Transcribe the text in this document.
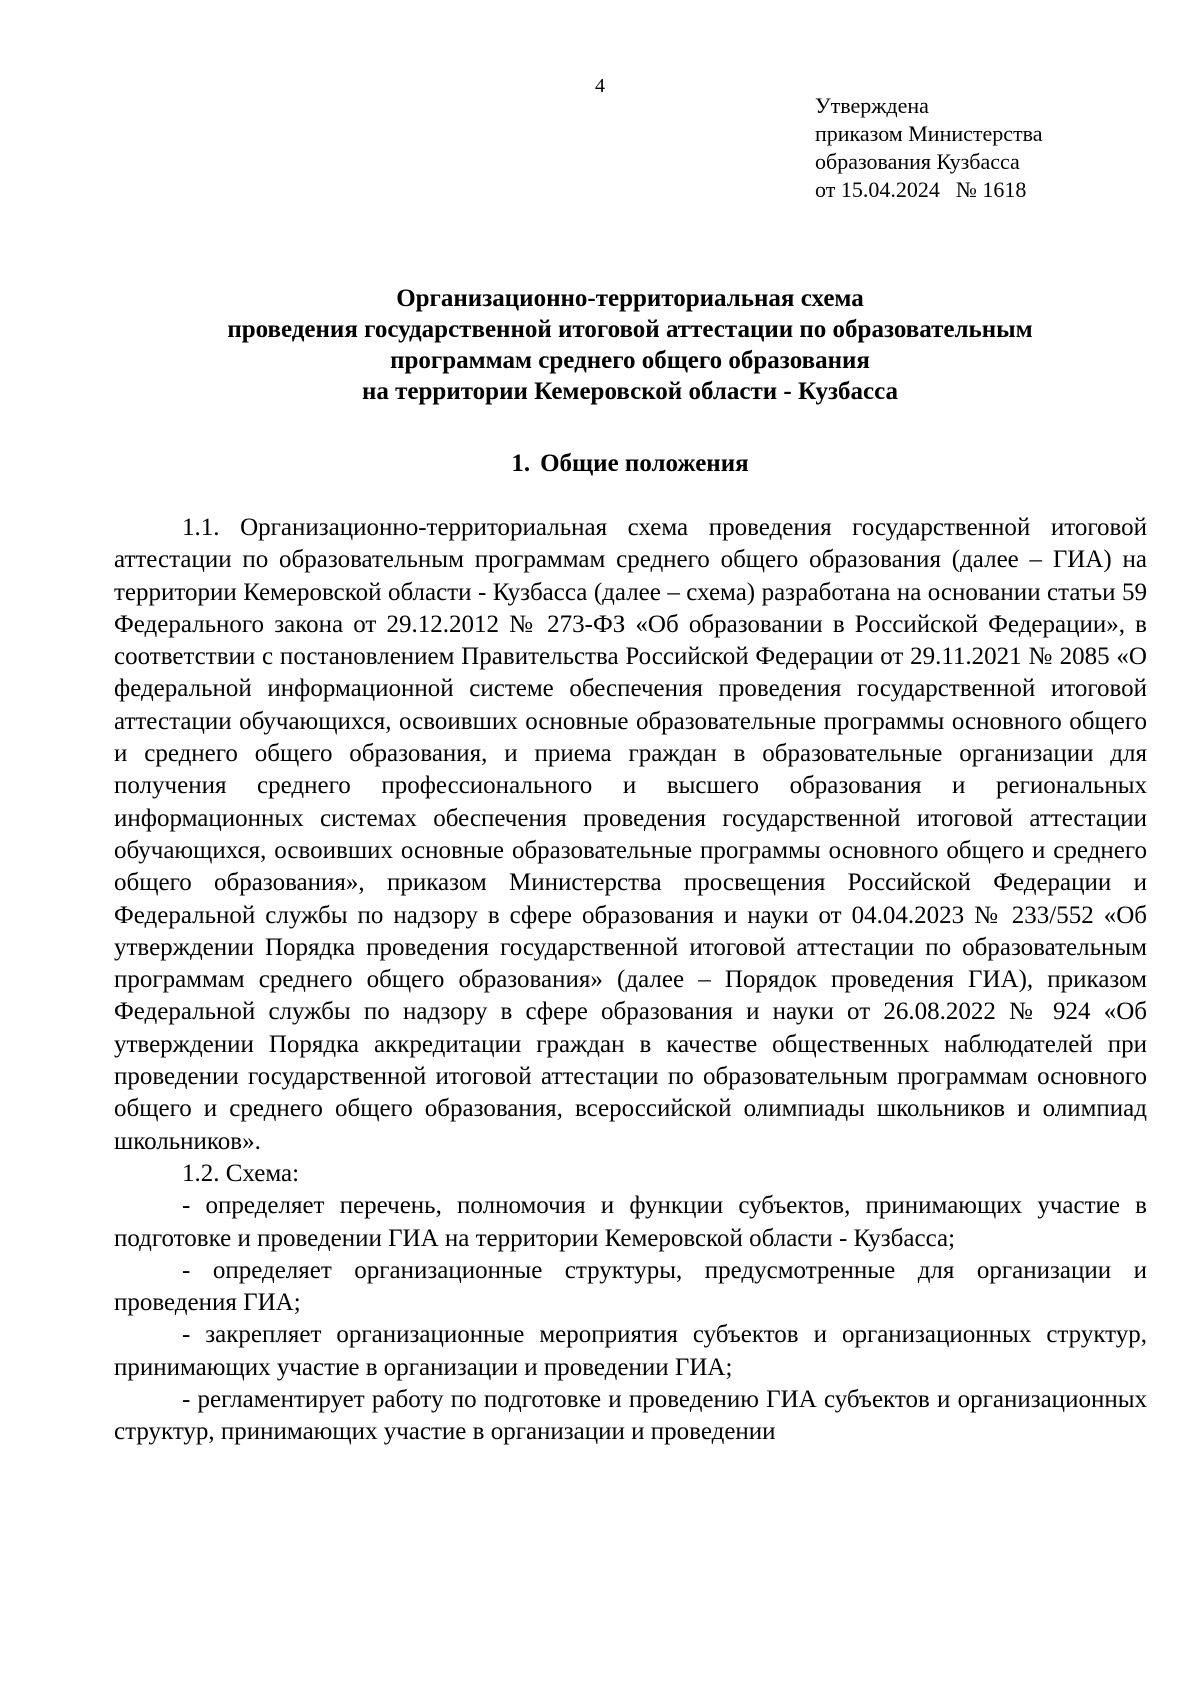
4
Утверждена
приказом Министерства
образования Кузбасса
от 15.04.2024 № 1618
Организационно-территориальная схема
проведения государственной итоговой аттестации по образовательным
программам среднего общего образования
на территории Кемеровской области - Кузбасса
1. Общие положения

1.1. Организационно-территориальная схема проведения государственной итоговой аттестации по образовательным программам среднего общего образования (далее – ГИА) на территории Кемеровской области - Кузбасса (далее – схема) разработана на основании статьи 59 Федерального закона от 29.12.2012 № 273-ФЗ «Об образовании в Российской Федерации», в соответствии с постановлением Правительства Российской Федерации от 29.11.2021 № 2085 «О федеральной информационной системе обеспечения проведения государственной итоговой аттестации обучающихся, освоивших основные образовательные программы основного общего и среднего общего образования, и приема граждан в образовательные организации для получения среднего профессионального и высшего образования и региональных информационных системах обеспечения проведения государственной итоговой аттестации обучающихся, освоивших основные образовательные программы основного общего и среднего общего образования», приказом Министерства просвещения Российской Федерации и Федеральной службы по надзору в сфере образования и науки от 04.04.2023 № 233/552 «Об утверждении Порядка проведения государственной итоговой аттестации по образовательным программам среднего общего образования» (далее – Порядок проведения ГИА), приказом Федеральной службы по надзору в сфере образования и науки от 26.08.2022 № 924 «Об утверждении Порядка аккредитации граждан в качестве общественных наблюдателей при проведении государственной итоговой аттестации по образовательным программам основного общего и среднего общего образования, всероссийской олимпиады школьников и олимпиад школьников».

1.2. Схема:

- определяет перечень, полномочия и функции субъектов, принимающих участие в подготовке и проведении ГИА на территории Кемеровской области - Кузбасса;

- определяет организационные структуры, предусмотренные для организации и проведения ГИА;

- закрепляет организационные мероприятия субъектов и организационных структур, принимающих участие в организации и проведении ГИА;

- регламентирует работу по подготовке и проведению ГИА субъектов и организационных структур, принимающих участие в организации и проведении
